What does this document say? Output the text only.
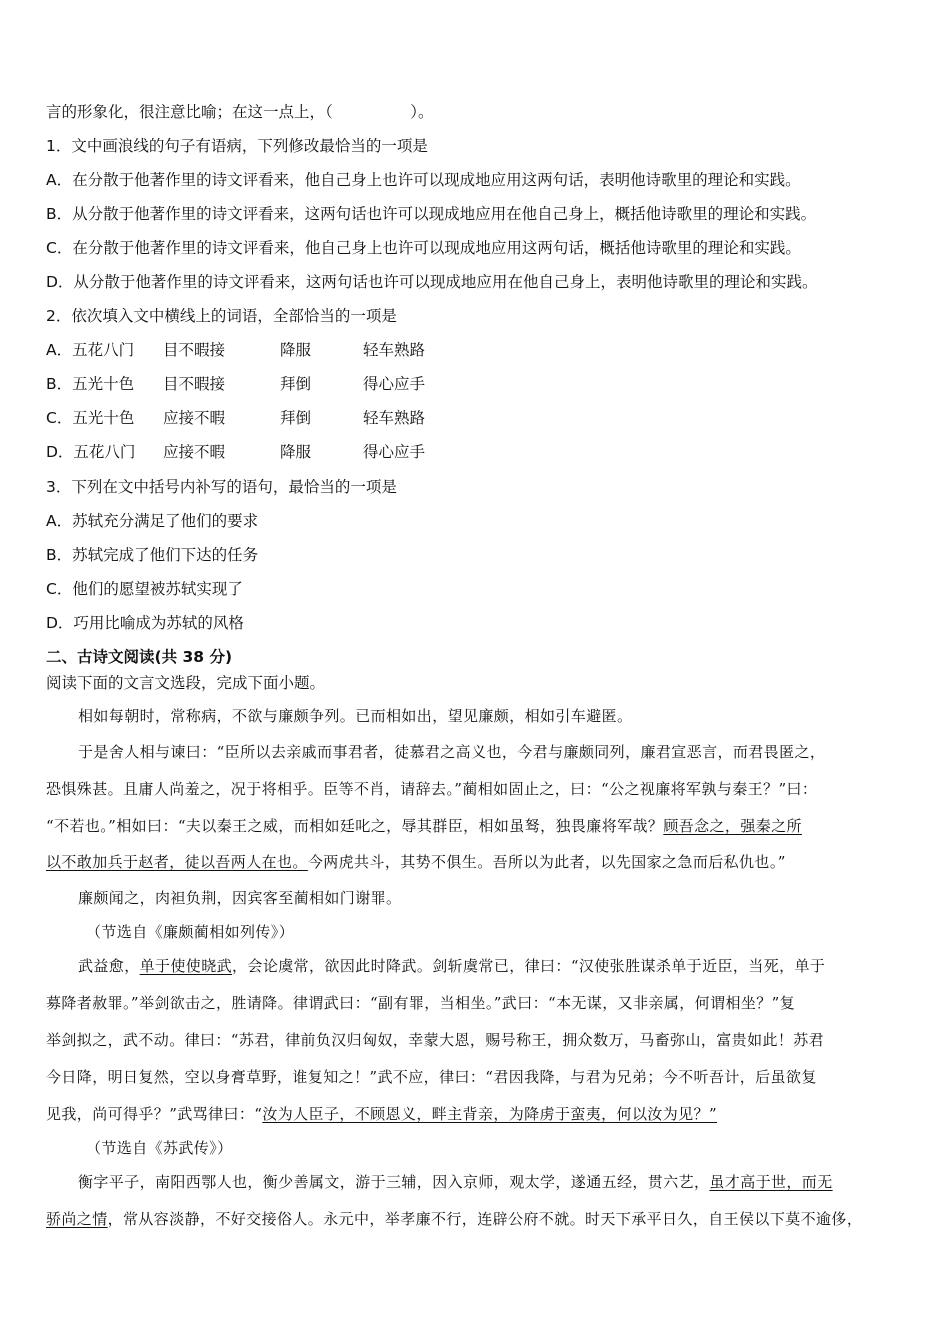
言的形象化，很注意比喻；在这一点上，（　　　　　）。
1．文中画浪线的句子有语病，下列修改最恰当的一项是
A．在分散于他著作里的诗文评看来，他自己身上也许可以现成地应用这两句话，表明他诗歌里的理论和实践。
B．从分散于他著作里的诗文评看来，这两句话也许可以现成地应用在他自己身上，概括他诗歌里的理论和实践。
C．在分散于他著作里的诗文评看来，他自己身上也许可以现成地应用这两句话，概括他诗歌里的理论和实践。
D．从分散于他著作里的诗文评看来，这两句话也许可以现成地应用在他自己身上，表明他诗歌里的理论和实践。
2．依次填入文中横线上的词语，全部恰当的一项是
A．五花八门 目不暇接	降服	轻车熟路
B．五光十色 目不暇接	拜倒	得心应手
C．五光十色 应接不暇	拜倒	轻车熟路
D．五花八门 应接不暇	降服	得心应手
3．下列在文中括号内补写的语句，最恰当的一项是
A．苏轼充分满足了他们的要求
B．苏轼完成了他们下达的任务
C．他们的愿望被苏轼实现了
D．巧用比喻成为苏轼的风格
二、古诗文阅读(共 38 分)
阅读下面的文言文选段，完成下面小题。
相如每朝时，常称病，不欲与廉颇争列。已而相如出，望见廉颇，相如引车避匿。
于是舍人相与谏曰：“臣所以去亲戚而事君者，徒慕君之高义也，今君与廉颇同列，廉君宣恶言，而君畏匿之，
恐惧殊甚。且庸人尚羞之，况于将相乎。臣等不肖，请辞去。”蔺相如固止之，曰：“公之视廉将军孰与秦王？”曰：
“不若也。”相如曰：“夫以秦王之威，而相如廷叱之，辱其群臣，相如虽驽，独畏廉将军哉？顾吾念之，强秦之所
以不敢加兵于赵者，徒以吾两人在也。今两虎共斗，其势不俱生。吾所以为此者，以先国家之急而后私仇也。”
廉颇闻之，肉袒负荆，因宾客至蔺相如门谢罪。
（节选自《廉颇蔺相如列传》）
武益愈，单于使使晓武，会论虞常，欲因此时降武。剑斩虞常已，律曰：“汉使张胜谋杀单于近臣，当死，单于
募降者赦罪。”举剑欲击之，胜请降。律谓武曰：“副有罪，当相坐。”武曰：“本无谋，又非亲属，何谓相坐？”复
举剑拟之，武不动。律曰：“苏君，律前负汉归匈奴，幸蒙大恩，赐号称王，拥众数万，马畜弥山，富贵如此！苏君
今日降，明日复然，空以身膏草野，谁复知之！”武不应，律曰：“君因我降，与君为兄弟；今不听吾计，后虽欲复
见我，尚可得乎？”武骂律曰：“汝为人臣子，不顾恩义，畔主背亲，为降虏于蛮夷，何以汝为见？”
（节选自《苏武传》）
衡字平子，南阳西鄂人也，衡少善属文，游于三辅，因入京师，观太学，遂通五经，贯六艺，虽才高于世，而无
骄尚之情，常从容淡静，不好交接俗人。永元中，举孝廉不行，连辟公府不就。时天下承平日久，自王侯以下莫不逾侈，
